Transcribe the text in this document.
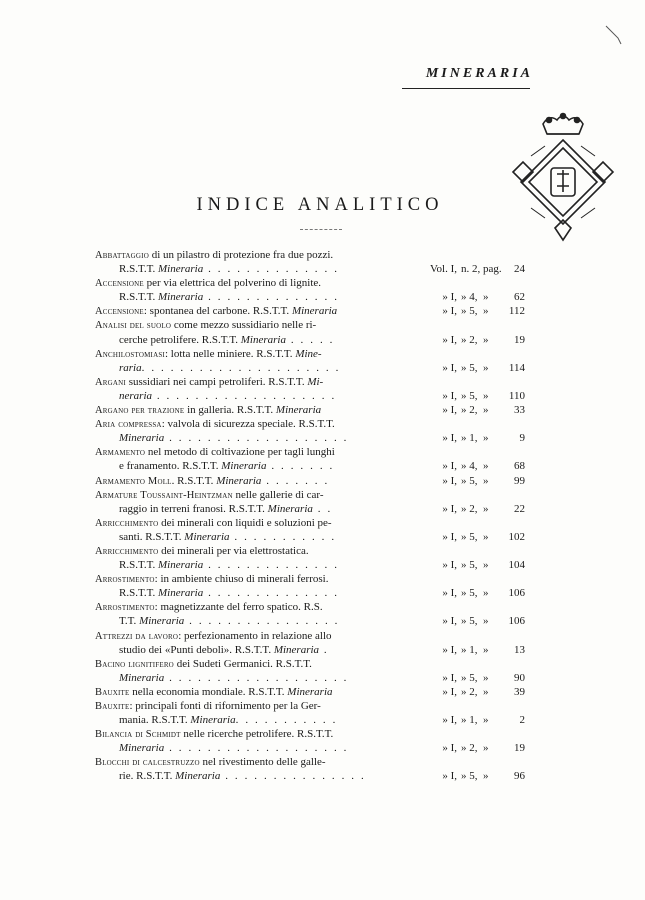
MINERARIA
INDICE ANALITICO
Abbattaggio di un pilastro di protezione fra due pozzi.
R.S.T.T. Mineraria . . . . . . . . . . . . . .	Vol. I, n. 2, pag.	24
Accensione per via elettrica del polverino di lignite.
R.S.T.T. Mineraria . . . . . . . . . . . . . .	» I, » 4, »	62
Accensione: spontanea del carbone. R.S.T.T. Mineraria	» I, » 5, »	112
Analisi del suolo come mezzo sussidiario nelle ri-
cerche petrolifere. R.S.T.T. Mineraria . . . . .	» I, » 2, »	19
Anchilostomiasi: lotta nelle miniere. R.S.T.T. Mine-
raria. . . . . . . . . . . . . . . . . . . . .	» I, » 5, »	114
Argani sussidiari nei campi petroliferi. R.S.T.T. Mi-
neraria . . . . . . . . . . . . . . . . . . .	» I, » 5, »	110
Argano per trazione in galleria. R.S.T.T. Mineraria	» I, » 2, »	33
Aria compressa: valvola di sicurezza speciale. R.S.T.T.
Mineraria . . . . . . . . . . . . . . . . . . .	» I, » 1, »	9
Armamento nel metodo di coltivazione per tagli lunghi
e franamento. R.S.T.T. Mineraria . . . . . . .	» I, » 4, »	68
Armamento Moll. R.S.T.T. Mineraria . . . . . . .	» I, » 5, »	99
Armature Toussaint-Heintzman nelle gallerie di car-
raggio in terreni franosi. R.S.T.T. Mineraria . .	» I, » 2, »	22
Arricchimento dei minerali con liquidi e soluzioni pe-
santi. R.S.T.T. Mineraria . . . . . . . . . . .	» I, » 5, »	102
Arricchimento dei minerali per via elettrostatica.
R.S.T.T. Mineraria . . . . . . . . . . . . . .	» I, » 5, »	104
Arrostimento: in ambiente chiuso di minerali ferrosi.
R.S.T.T. Mineraria . . . . . . . . . . . . . .	» I, » 5, »	106
Arrostimento: magnetizzante del ferro spatico. R.S.
T.T. Mineraria . . . . . . . . . . . . . . . .	» I, » 5, »	106
Attrezzi da lavoro: perfezionamento in relazione allo
studio dei «Punti deboli». R.S.T.T. Mineraria .	» I, » 1, »	13
Bacino lignitifero dei Sudeti Germanici. R.S.T.T.
Mineraria . . . . . . . . . . . . . . . . . . .	» I, » 5, »	90
Bauxite nella economia mondiale. R.S.T.T. Mineraria	» I, » 2, »	39
Bauxite: principali fonti di rifornimento per la Ger-
mania. R.S.T.T. Mineraria. . . . . . . . . . .	» I, » 1, »	2
Bilancia di Schmidt nelle ricerche petrolifere. R.S.T.T.
Mineraria . . . . . . . . . . . . . . . . . . .	» I, » 2, »	19
Blocchi di calcestruzzo nel rivestimento delle galle-
rie. R.S.T.T. Mineraria . . . . . . . . . . . . . . .	» I, » 5, »	96
